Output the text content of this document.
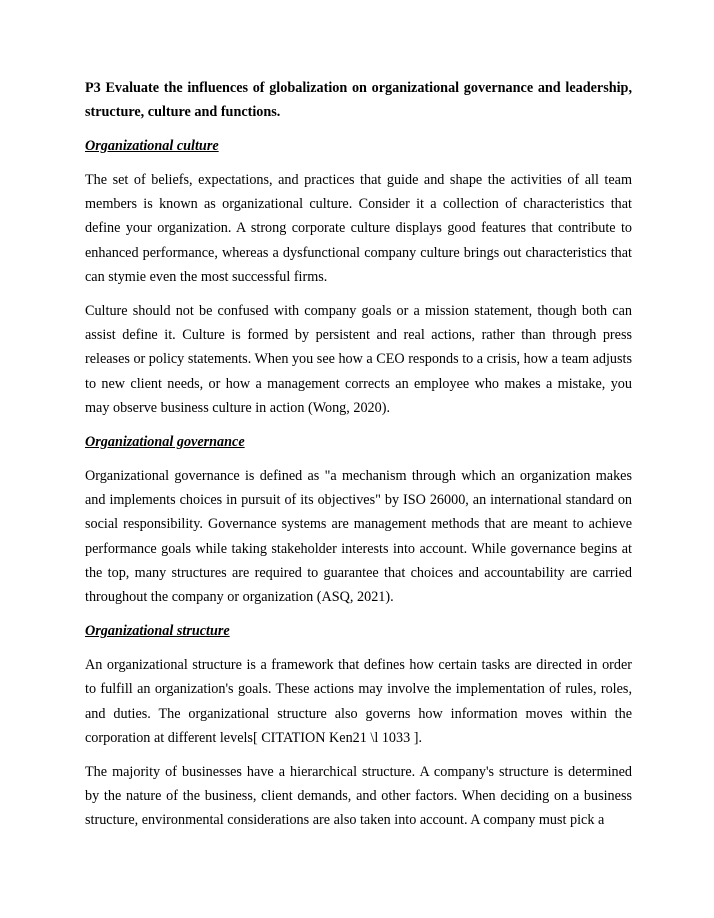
P3 Evaluate the influences of globalization on organizational governance and leadership, structure, culture and functions.

Organizational culture

The set of beliefs, expectations, and practices that guide and shape the activities of all team members is known as organizational culture. Consider it a collection of characteristics that define your organization. A strong corporate culture displays good features that contribute to enhanced performance, whereas a dysfunctional company culture brings out characteristics that can stymie even the most successful firms.

Culture should not be confused with company goals or a mission statement, though both can assist define it. Culture is formed by persistent and real actions, rather than through press releases or policy statements. When you see how a CEO responds to a crisis, how a team adjusts to new client needs, or how a management corrects an employee who makes a mistake, you may observe business culture in action (Wong, 2020).

Organizational governance

Organizational governance is defined as "a mechanism through which an organization makes and implements choices in pursuit of its objectives" by ISO 26000, an international standard on social responsibility. Governance systems are management methods that are meant to achieve performance goals while taking stakeholder interests into account. While governance begins at the top, many structures are required to guarantee that choices and accountability are carried throughout the company or organization (ASQ, 2021).

Organizational structure

An organizational structure is a framework that defines how certain tasks are directed in order to fulfill an organization's goals. These actions may involve the implementation of rules, roles, and duties. The organizational structure also governs how information moves within the corporation at different levels[ CITATION Ken21 \l 1033 ].

The majority of businesses have a hierarchical structure. A company's structure is determined by the nature of the business, client demands, and other factors. When deciding on a business structure, environmental considerations are also taken into account. A company must pick a
